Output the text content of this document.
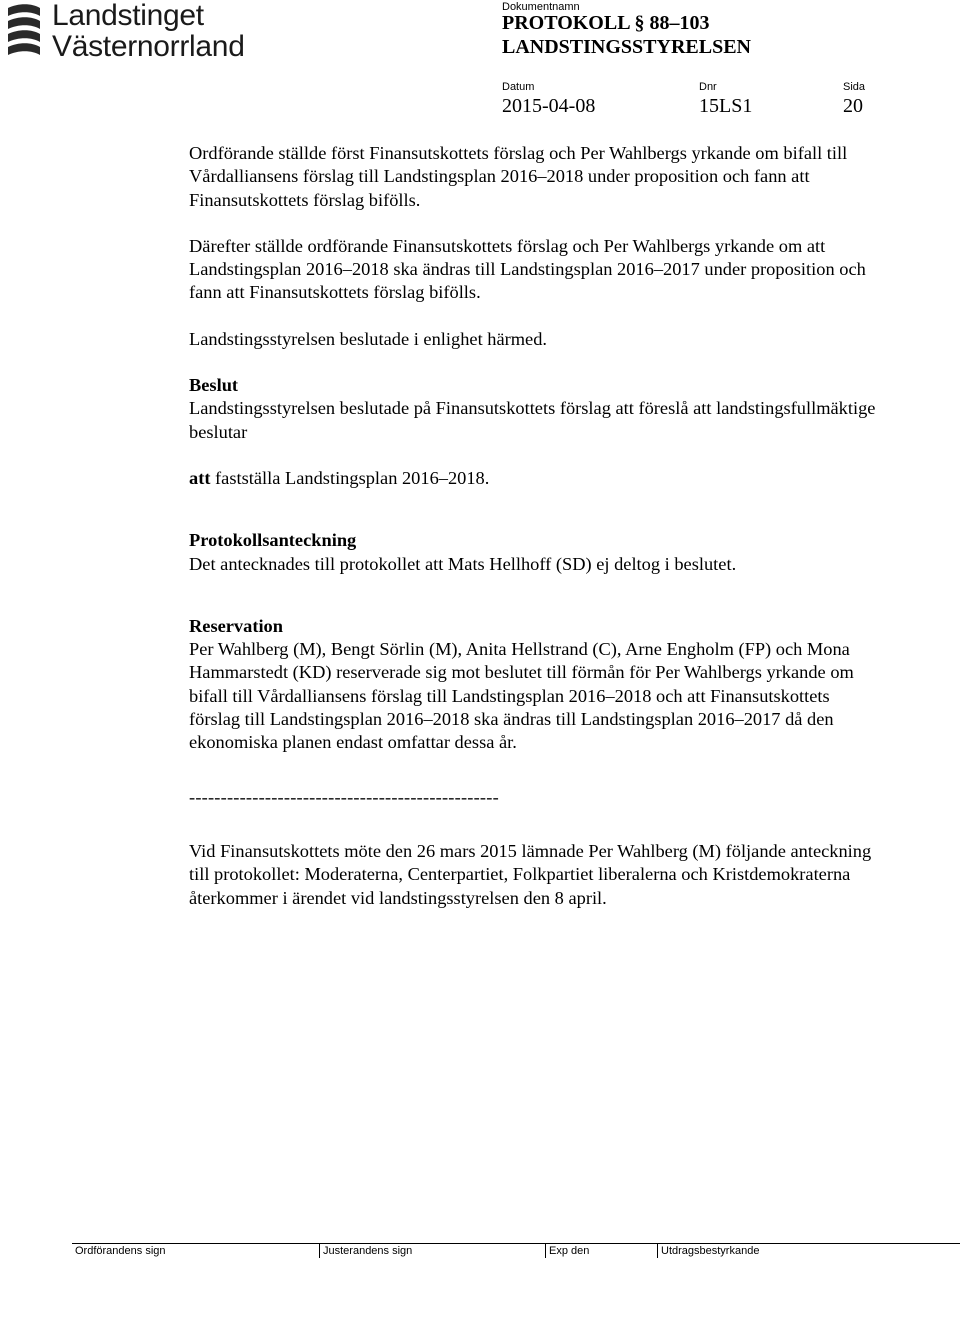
Landstinget
Västernorrland
Dokumentnamn
PROTOKOLL § 88–103
LANDSTINGSSTYRELSEN
Datum	Dnr	Sida
2015-04-08	15LS1	20

Ordförande ställde först Finansutskottets förslag och Per Wahlbergs yrkande om bifall till Vårdalliansens förslag till Landstingsplan 2016–2018 under proposition och fann att Finansutskottets förslag bifölls.

Därefter ställde ordförande Finansutskottets förslag och Per Wahlbergs yrkande om att Landstingsplan 2016–2018 ska ändras till Landstingsplan 2016–2017 under proposition och fann att Finansutskottets förslag bifölls.

Landstingsstyrelsen beslutade i enlighet härmed.

Beslut

Landstingsstyrelsen beslutade på Finansutskottets förslag att föreslå att landstingsfullmäktige beslutar

att fastställa Landstingsplan 2016–2018.

Protokollsanteckning

Det antecknades till protokollet att Mats Hellhoff (SD) ej deltog i beslutet.

Reservation

Per Wahlberg (M), Bengt Sörlin (M), Anita Hellstrand (C), Arne Engholm (FP) och Mona Hammarstedt (KD) reserverade sig mot beslutet till förmån för Per Wahlbergs yrkande om bifall till Vårdalliansens förslag till Landstingsplan 2016–2018 och att Finansutskottets förslag till Landstingsplan 2016–2018 ska ändras till Landstingsplan 2016–2017 då den ekonomiska planen endast omfattar dessa år.

-------------------------------------------------

Vid Finansutskottets möte den 26 mars 2015 lämnade Per Wahlberg (M) följande anteckning till protokollet: Moderaterna, Centerpartiet, Folkpartiet liberalerna och Kristdemokraterna återkommer i ärendet vid landstingsstyrelsen den 8 april.

Ordförandens sign	Justerandens sign	Exp den	Utdragsbestyrkande
